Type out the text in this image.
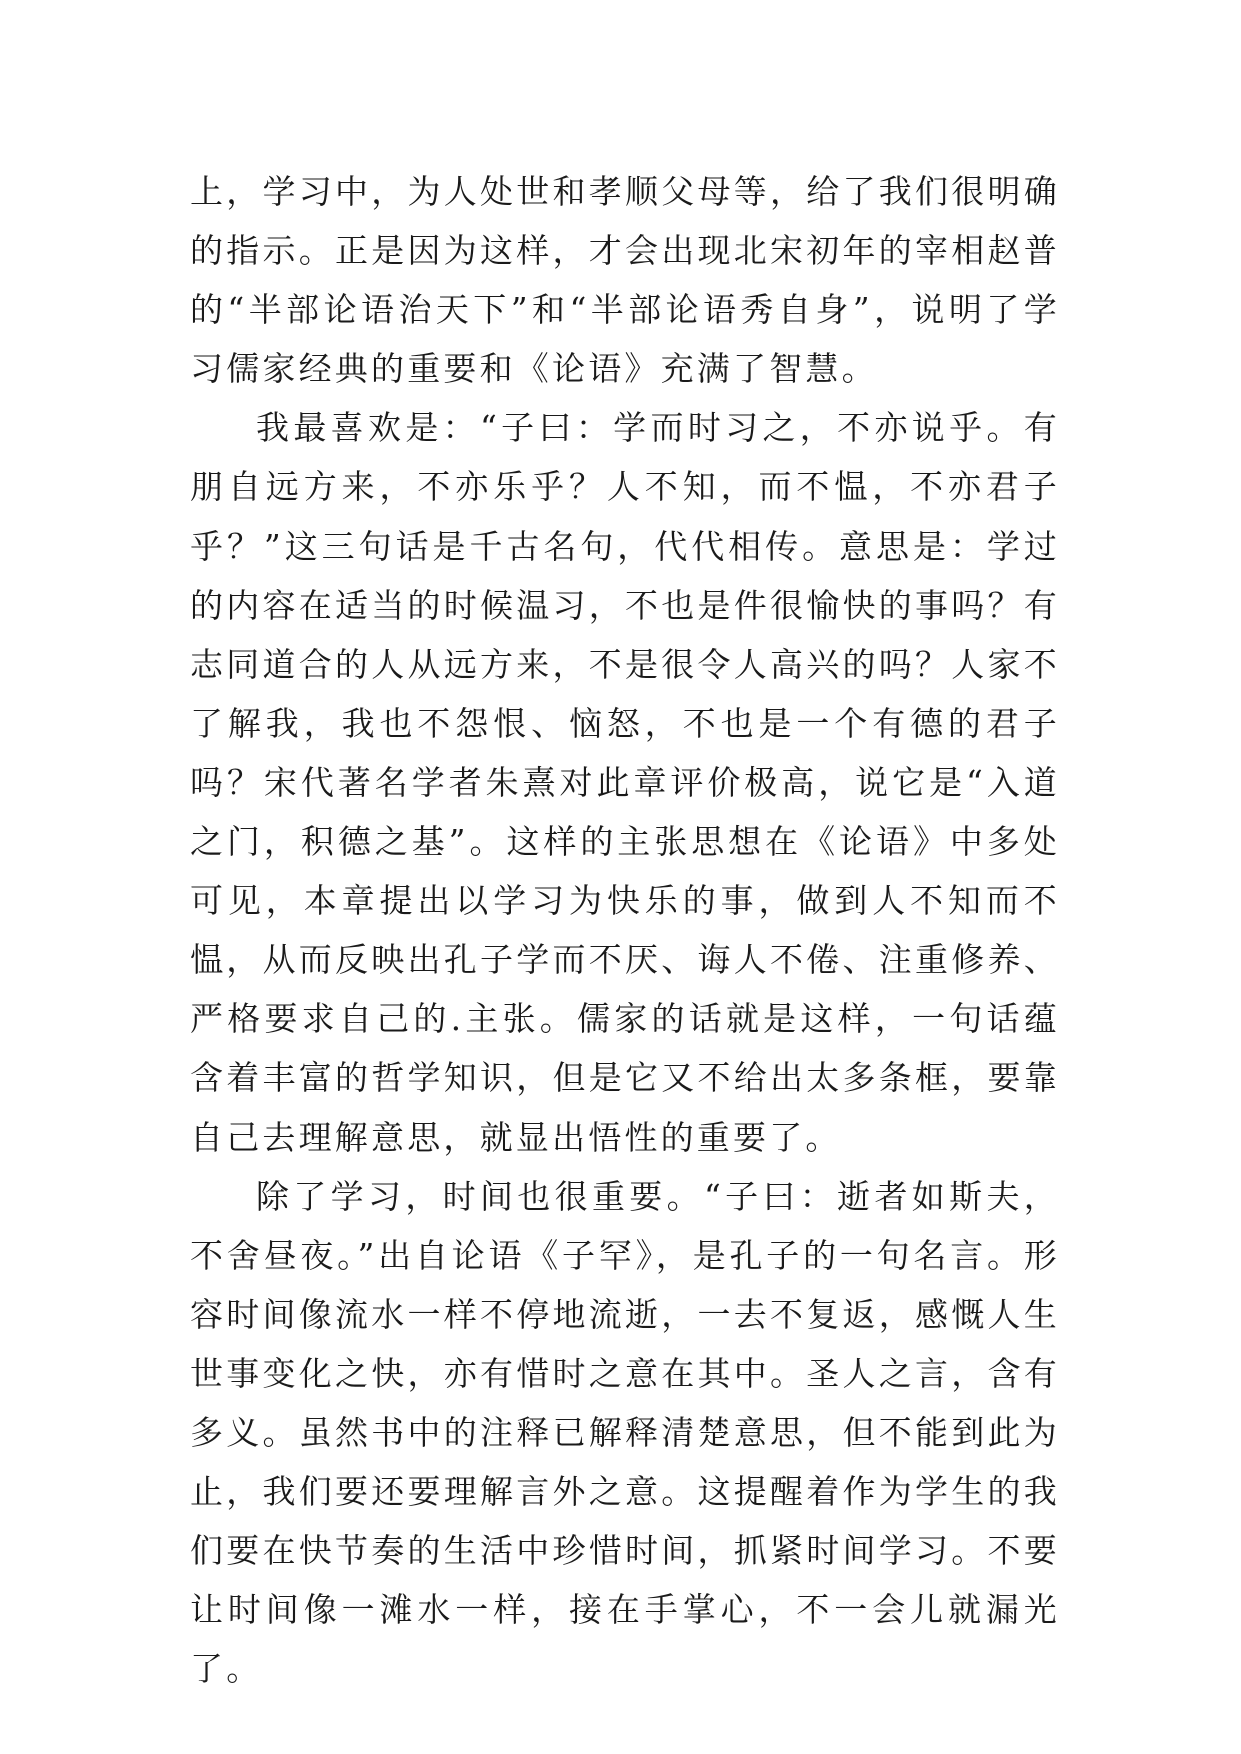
上，学习中，为人处世和孝顺父母等，给了我们很明确的指示。正是因为这样，才会出现北宋初年的宰相赵普的“半部论语治天下”和“半部论语秀自身”，说明了学习儒家经典的重要和《论语》充满了智慧。

我最喜欢是：“子曰：学而时习之，不亦说乎。有朋自远方来，不亦乐乎？人不知，而不愠，不亦君子乎？”这三句话是千古名句，代代相传。意思是：学过的内容在适当的时候温习，不也是件很愉快的事吗？有志同道合的人从远方来，不是很令人高兴的吗？人家不了解我，我也不怨恨、恼怒，不也是一个有德的君子吗？宋代著名学者朱熹对此章评价极高，说它是“入道之门，积德之基”。这样的主张思想在《论语》中多处可见，本章提出以学习为快乐的事，做到人不知而不愠，从而反映出孔子学而不厌、诲人不倦、注重修养、严格要求自己的.主张。儒家的话就是这样，一句话蕴含着丰富的哲学知识，但是它又不给出太多条框，要靠自己去理解意思，就显出悟性的重要了。

除了学习，时间也很重要。“子曰：逝者如斯夫，不舍昼夜。”出自论语《子罕》，是孔子的一句名言。形容时间像流水一样不停地流逝，一去不复返，感慨人生世事变化之快，亦有惜时之意在其中。圣人之言，含有多义。虽然书中的注释已解释清楚意思，但不能到此为止，我们要还要理解言外之意。这提醒着作为学生的我们要在快节奏的生活中珍惜时间，抓紧时间学习。不要让时间像一滩水一样，接在手掌心，不一会儿就漏光了。
